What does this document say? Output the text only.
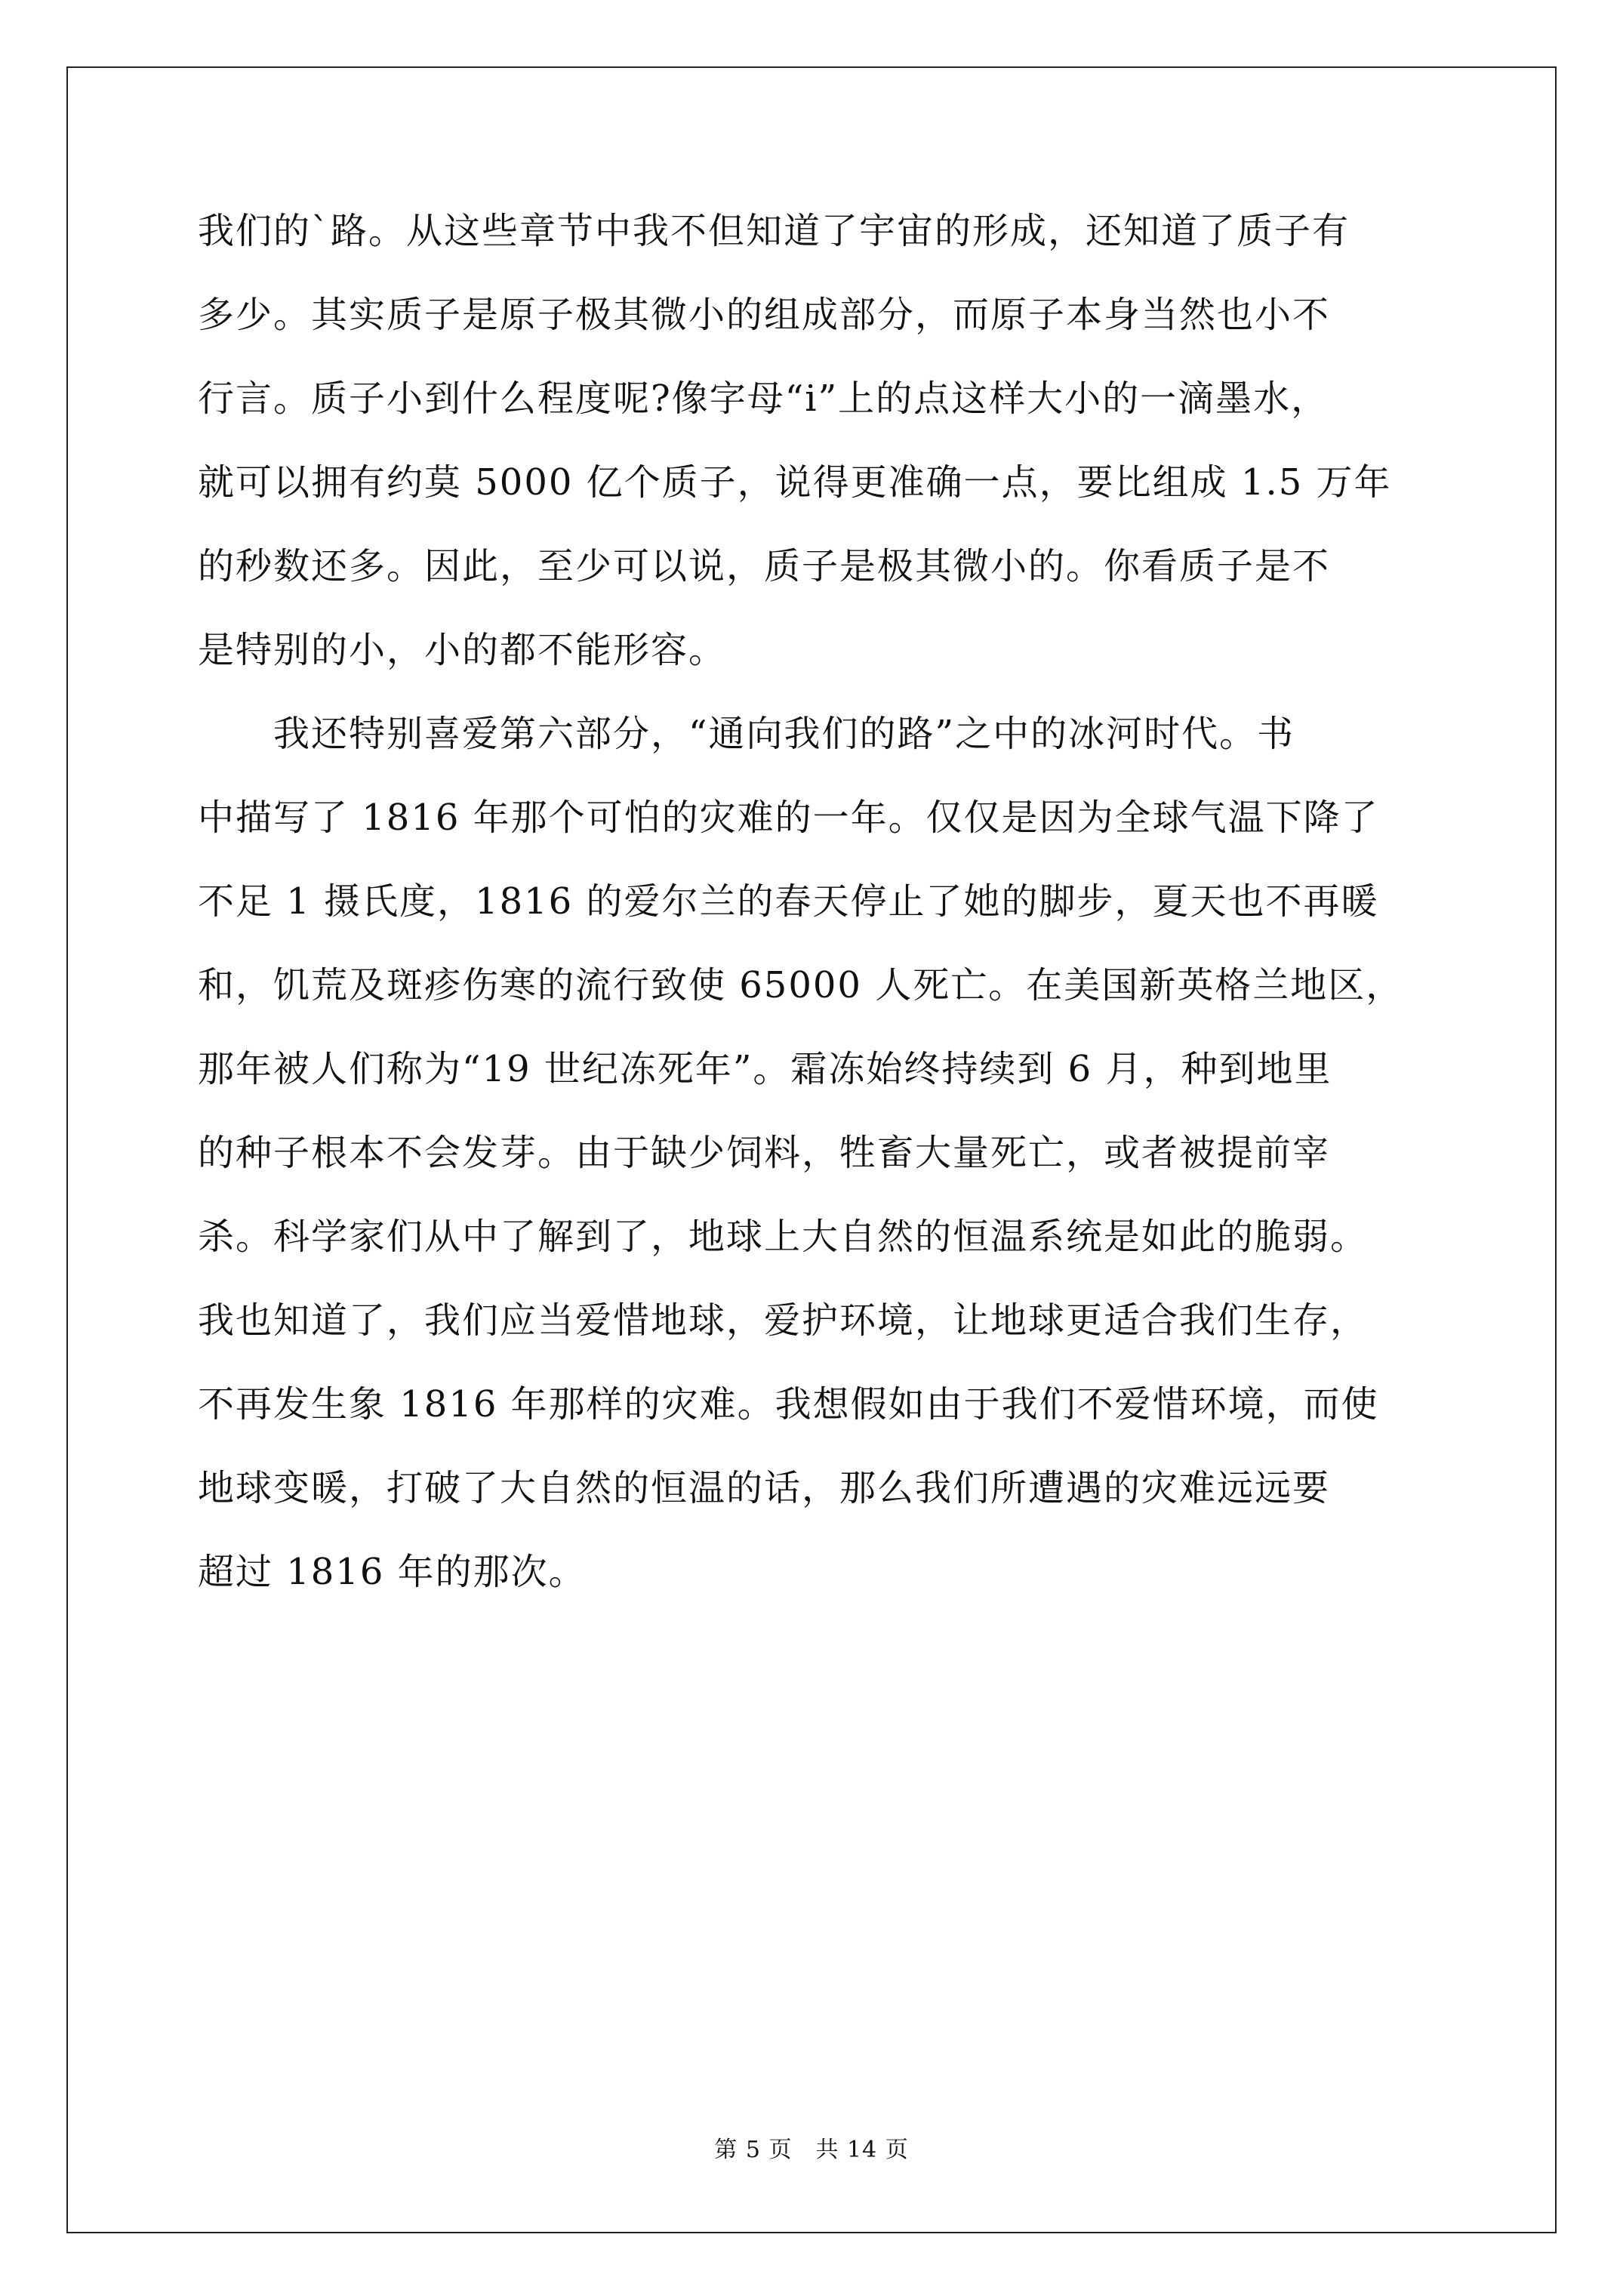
我们的`路。从这些章节中我不但知道了宇宙的形成，还知道了质子有
多少。其实质子是原子极其微小的组成部分，而原子本身当然也小不
行言。质子小到什么程度呢?像字母“i”上的点这样大小的一滴墨水，
就可以拥有约莫 5000 亿个质子，说得更准确一点，要比组成 1.5 万年
的秒数还多。因此，至少可以说，质子是极其微小的。你看质子是不
是特别的小，小的都不能形容。
　　我还特别喜爱第六部分，“通向我们的路”之中的冰河时代。书
中描写了 1816 年那个可怕的灾难的一年。仅仅是因为全球气温下降了
不足 1 摄氏度，1816 的爱尔兰的春天停止了她的脚步，夏天也不再暖
和，饥荒及斑疹伤寒的流行致使 65000 人死亡。在美国新英格兰地区，
那年被人们称为“19 世纪冻死年”。霜冻始终持续到 6 月，种到地里
的种子根本不会发芽。由于缺少饲料，牲畜大量死亡，或者被提前宰
杀。科学家们从中了解到了，地球上大自然的恒温系统是如此的脆弱。
我也知道了，我们应当爱惜地球，爱护环境，让地球更适合我们生存，
不再发生象 1816 年那样的灾难。我想假如由于我们不爱惜环境，而使
地球变暖，打破了大自然的恒温的话，那么我们所遭遇的灾难远远要
超过 1816 年的那次。
第 5 页　共 14 页
